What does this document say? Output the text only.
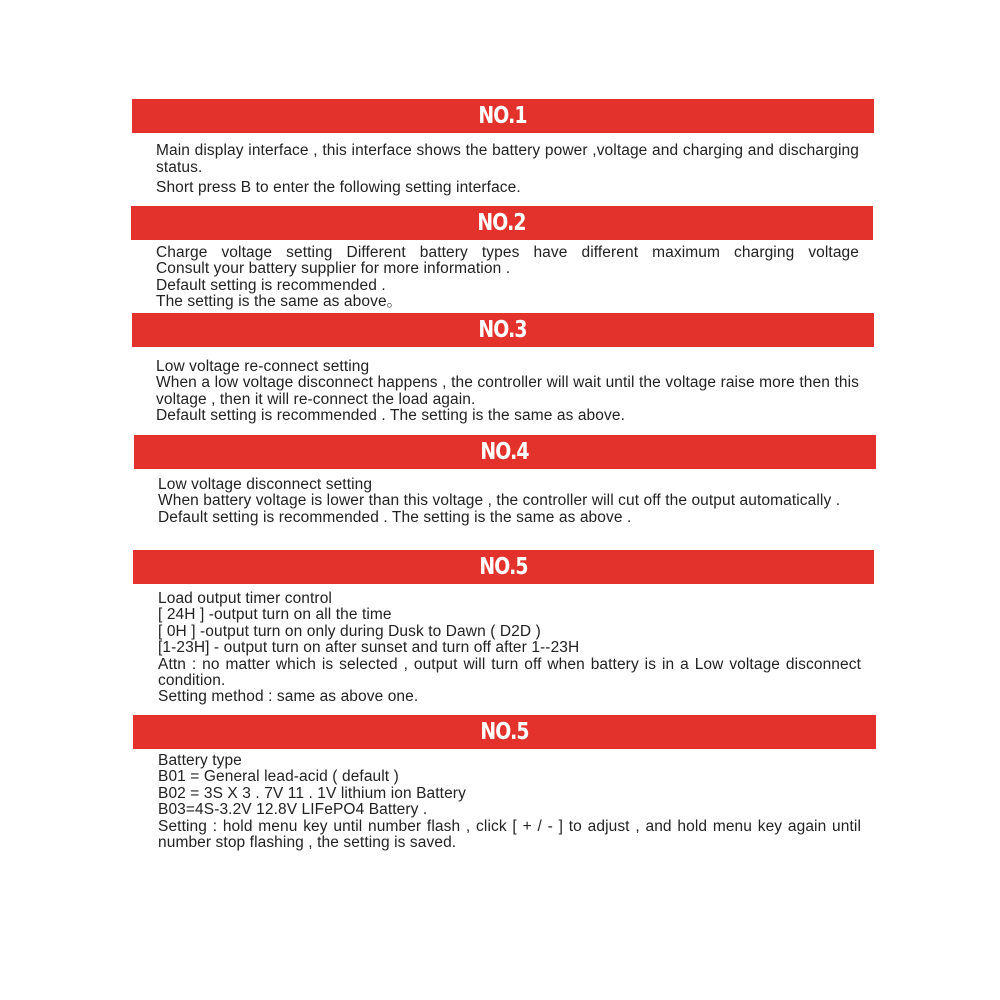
NO.1

Main display interface , this interface shows the battery power ,voltage and charging and discharging status.

Short press B to enter the following setting interface.

NO.2

Charge voltage setting Different battery types have different maximum charging voltage

Consult your battery supplier for more information .

Default setting is recommended .

The setting is the same as above。

NO.3

Low voltage re-connect setting

When a low voltage disconnect happens , the controller will wait until the voltage raise more then this voltage , then it will re-connect the load again.

Default setting is recommended . The setting is the same as above.

NO.4

Low voltage disconnect setting

When battery voltage is lower than this voltage , the controller will cut off the output automatically .

Default setting is recommended . The setting is the same as above .

NO.5

Load output timer control

[ 24H ] -output turn on all the time

[ 0H ] -output turn on only during Dusk to Dawn ( D2D )

[1-23H] - output turn on after sunset and turn off after 1--23H

Attn : no matter which is selected , output will turn off when battery is in a Low voltage disconnect condition.

Setting method : same as above one.

NO.5

Battery type

B01 = General lead-acid ( default )

B02 = 3S X 3 . 7V 11 . 1V lithium ion Battery

B03=4S-3.2V 12.8V LIFePO4 Battery .

Setting : hold menu key until number flash , click [ + / - ] to adjust , and hold menu key again until number stop flashing , the setting is saved.
